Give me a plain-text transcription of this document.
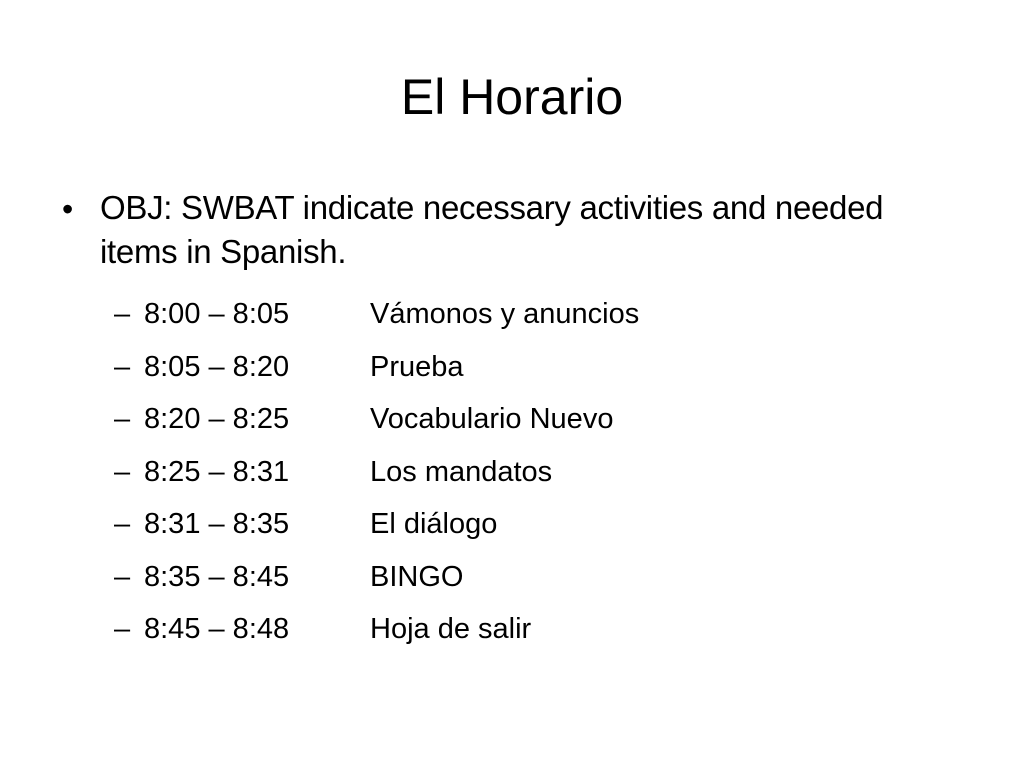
El Horario
• OBJ: SWBAT indicate necessary activities and needed items in Spanish.
– 8:00 – 8:05	Vámonos y anuncios
– 8:05 – 8:20	Prueba
– 8:20 – 8:25	Vocabulario Nuevo
– 8:25 – 8:31	Los mandatos
– 8:31 – 8:35	El diálogo
– 8:35 – 8:45	BINGO
– 8:45 – 8:48	Hoja de salir
